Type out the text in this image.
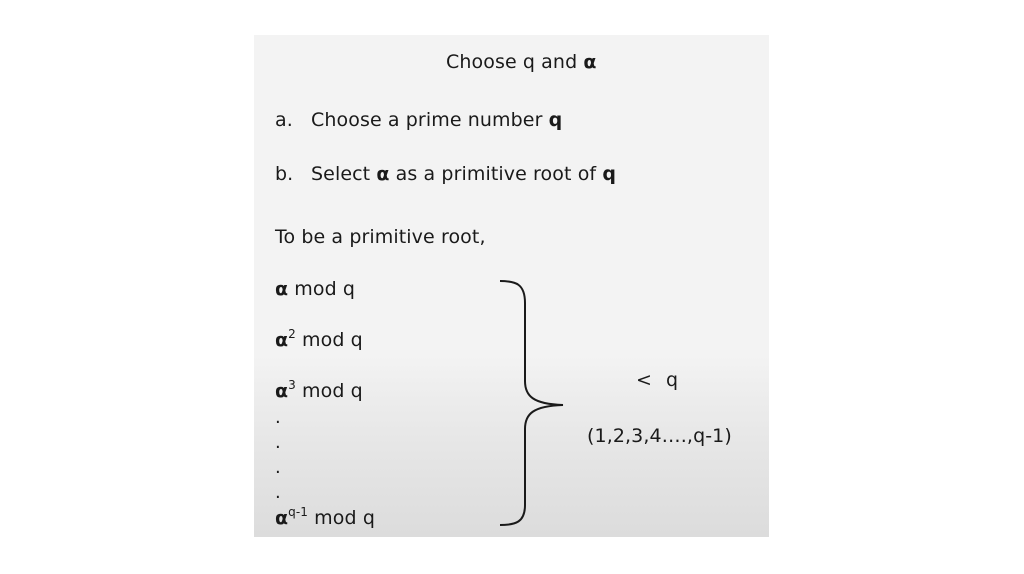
Choose q and α
a. Choose a prime number q
b. Select α as a primitive root of q
To be a primitive root,
α mod q
$\alpha^2$ mod q
$\alpha^3$ mod q
.
.
.
.
$\alpha^{q-1}$ mod q
< q
(1,2,3,4….,q-1)
